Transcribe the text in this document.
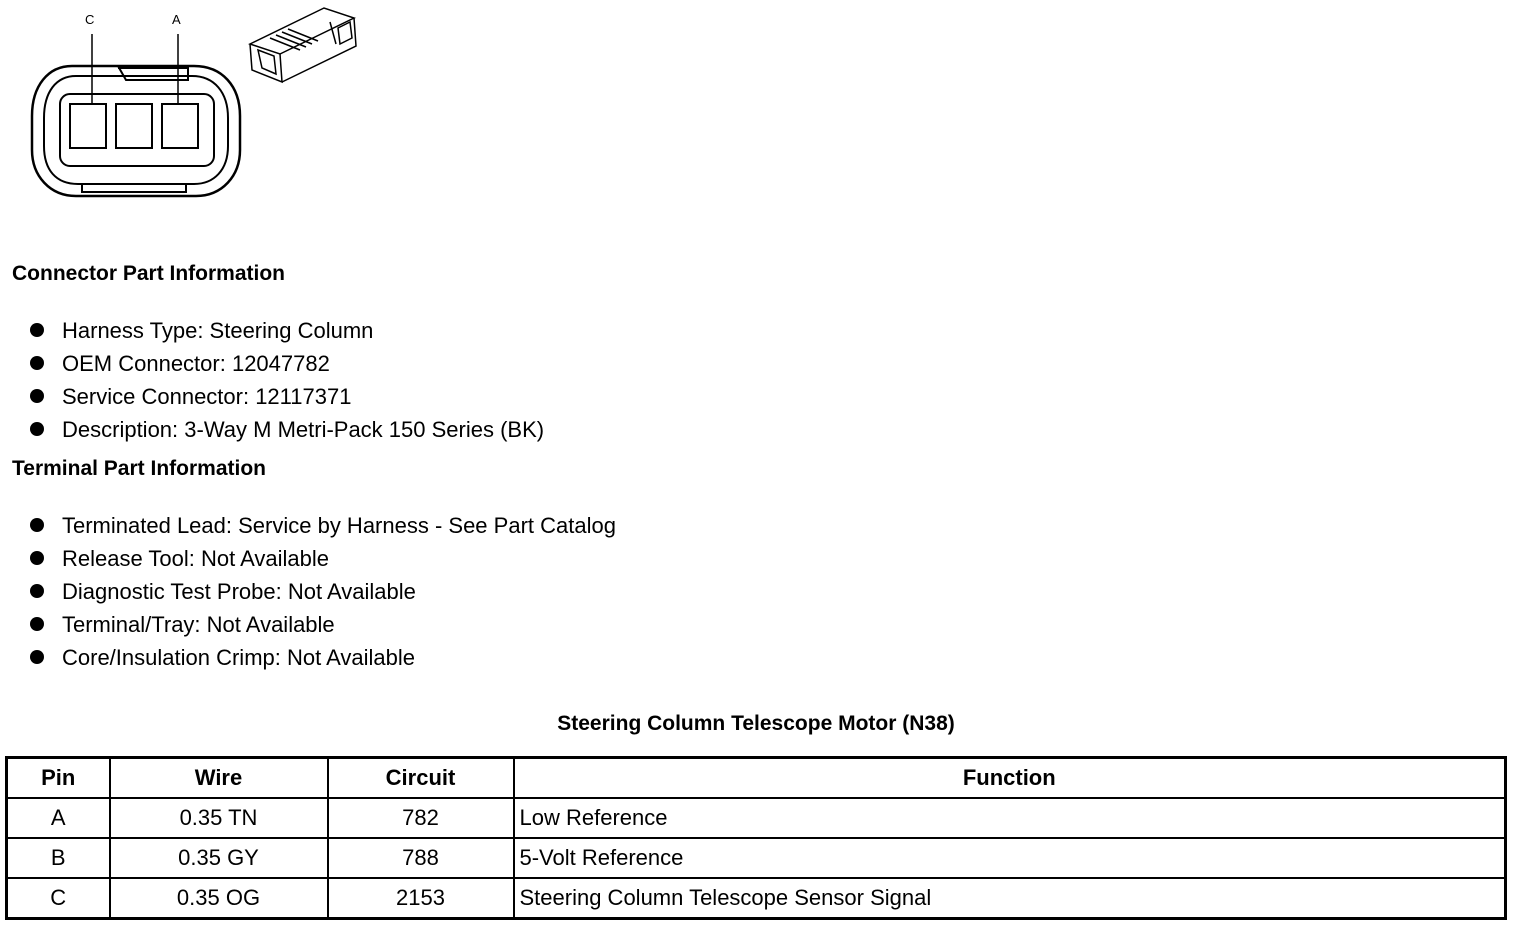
C	A
Connector Part Information
Harness Type: Steering Column
OEM Connector: 12047782
Service Connector: 12117371
Description: 3-Way M Metri-Pack 150 Series (BK)
Terminal Part Information
Terminated Lead: Service by Harness - See Part Catalog
Release Tool: Not Available
Diagnostic Test Probe: Not Available
Terminal/Tray: Not Available
Core/Insulation Crimp: Not Available
Steering Column Telescope Motor (N38)
Pin	Wire	Circuit	Function
A	0.35 TN	782	Low Reference
B	0.35 GY	788	5-Volt Reference
C	0.35 OG	2153	Steering Column Telescope Sensor Signal
